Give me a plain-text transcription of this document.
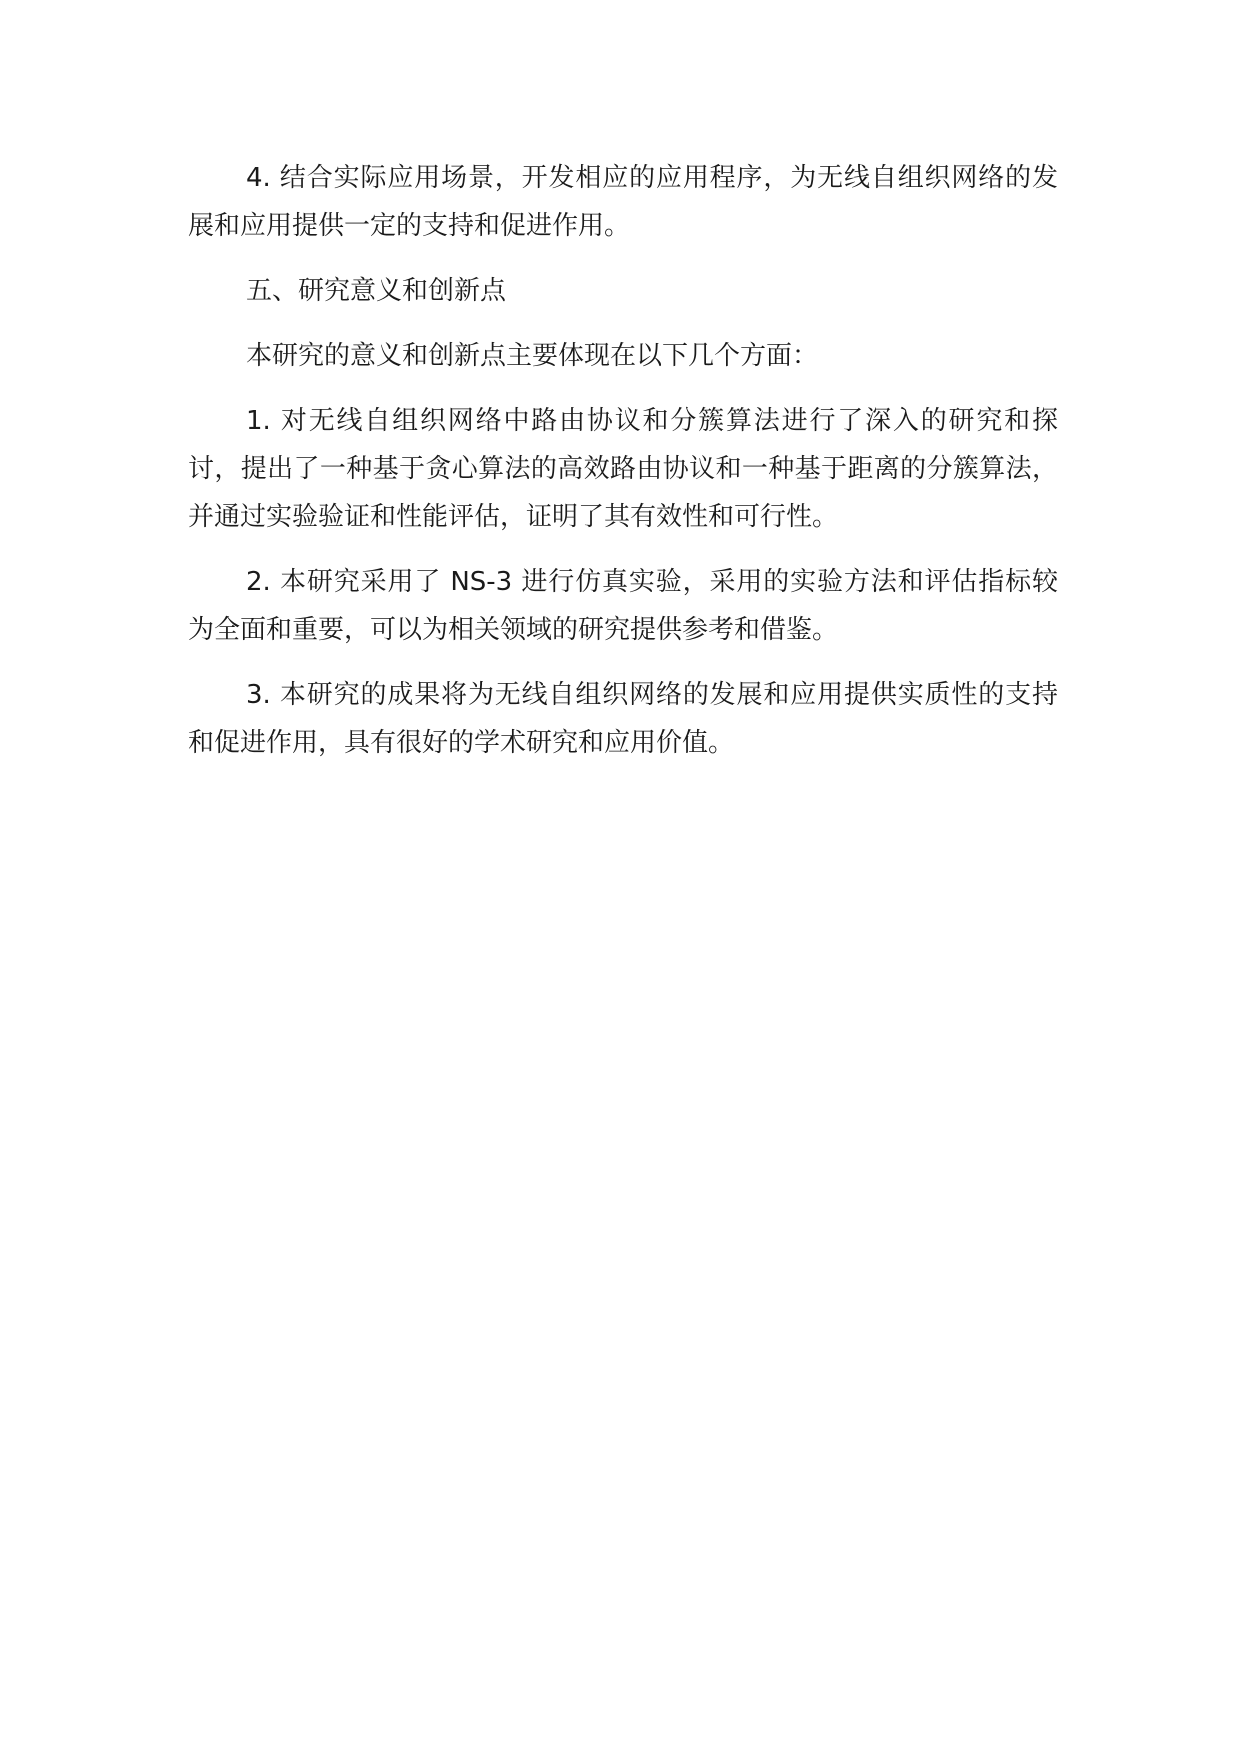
4. 结合实际应用场景，开发相应的应用程序，为无线自组织网络的发展和应用提供一定的支持和促进作用。

五、研究意义和创新点

本研究的意义和创新点主要体现在以下几个方面：

1. 对无线自组织网络中路由协议和分簇算法进行了深入的研究和探讨，提出了一种基于贪心算法的高效路由协议和一种基于距离的分簇算法，并通过实验验证和性能评估，证明了其有效性和可行性。

2. 本研究采用了 NS-3 进行仿真实验，采用的实验方法和评估指标较为全面和重要，可以为相关领域的研究提供参考和借鉴。

3. 本研究的成果将为无线自组织网络的发展和应用提供实质性的支持和促进作用，具有很好的学术研究和应用价值。
